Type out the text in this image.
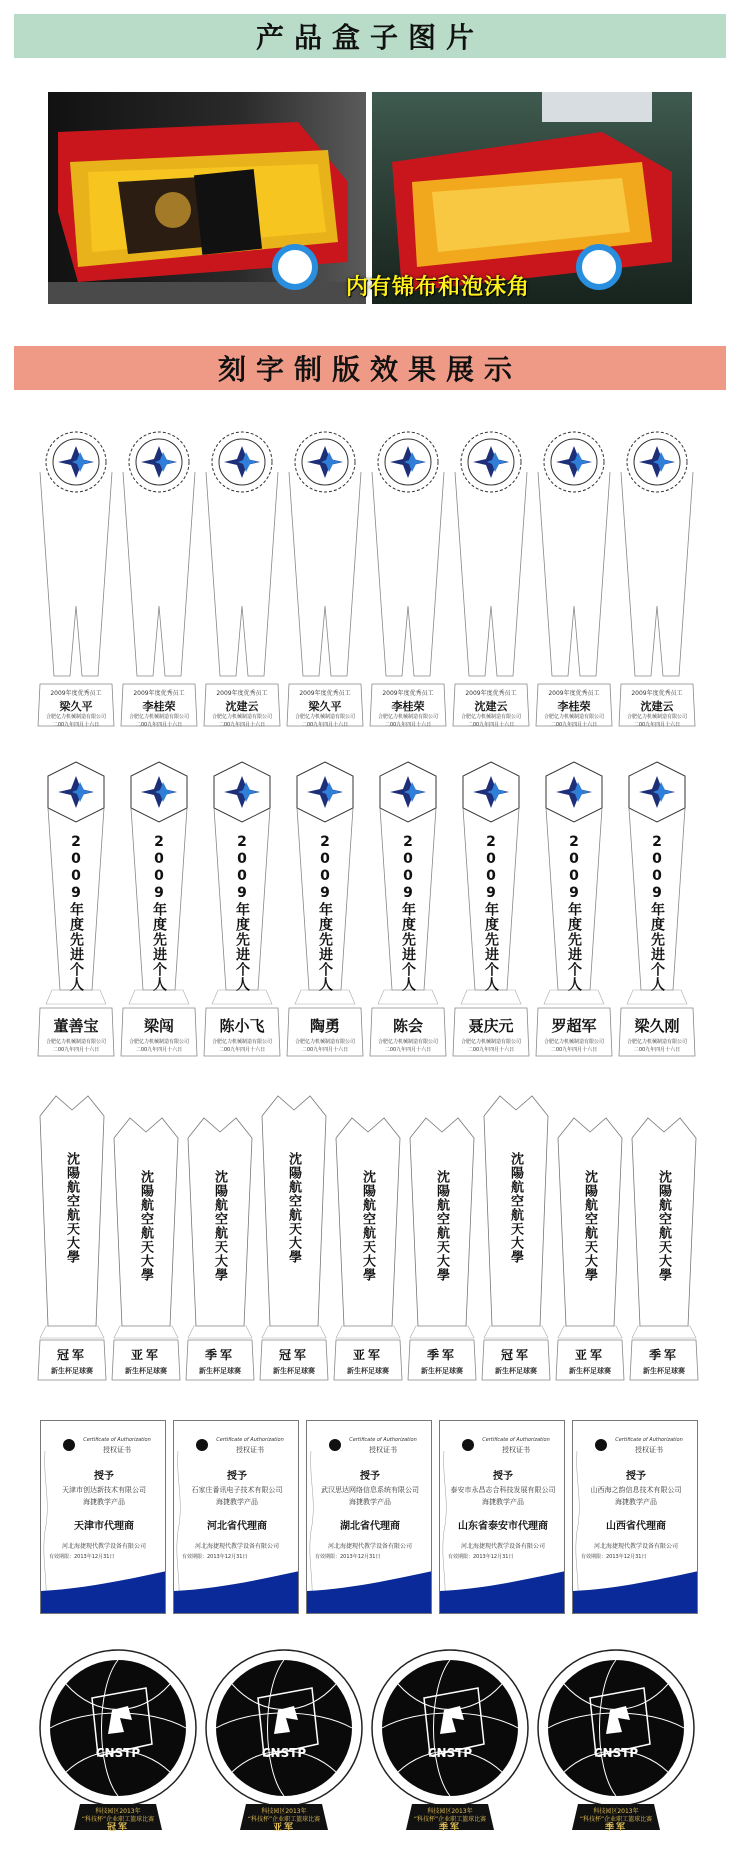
产品盒子图片
内有锦布和泡沫角
刻字制版效果展示
2009年度优秀员工
梁久平
合肥亿力机械制造有限公司
二00九年四月十六日
2009年度优秀员工
李桂荣
合肥亿力机械制造有限公司
二00九年四月十六日
2009年度优秀员工
沈建云
合肥亿力机械制造有限公司
二00九年四月十六日
2009年度优秀员工
梁久平
合肥亿力机械制造有限公司
二00九年四月十六日
2009年度优秀员工
李桂荣
合肥亿力机械制造有限公司
二00九年四月十六日
2009年度优秀员工
沈建云
合肥亿力机械制造有限公司
二00九年四月十六日
2009年度优秀员工
李桂荣
合肥亿力机械制造有限公司
二00九年四月十六日
2009年度优秀员工
沈建云
合肥亿力机械制造有限公司
二00九年四月十六日
2009年度先进个人
董善宝
合肥亿力机械制造有限公司
二00九年四月十六日
2009年度先进个人
梁闯
合肥亿力机械制造有限公司
二00九年四月十六日
2009年度先进个人
陈小飞
合肥亿力机械制造有限公司
二00九年四月十六日
2009年度先进个人
陶勇
合肥亿力机械制造有限公司
二00九年四月十六日
2009年度先进个人
陈会
合肥亿力机械制造有限公司
二00九年四月十六日
2009年度先进个人
聂庆元
合肥亿力机械制造有限公司
二00九年四月十六日
2009年度先进个人
罗超军
合肥亿力机械制造有限公司
二00九年四月十六日
2009年度先进个人
梁久刚
合肥亿力机械制造有限公司
二00九年四月十六日
沈陽航空航天大學
冠军
新生杯足球赛
沈陽航空航天大學
亚军
新生杯足球赛
沈陽航空航天大學
季军
新生杯足球赛
沈陽航空航天大學
冠军
新生杯足球赛
沈陽航空航天大學
亚军
新生杯足球赛
沈陽航空航天大學
季军
新生杯足球赛
沈陽航空航天大學
冠军
新生杯足球赛
沈陽航空航天大學
亚军
新生杯足球赛
沈陽航空航天大學
季军
新生杯足球赛
Certificate of Authorization
授权证书
授予
天津市创达新技术有限公司
海捷教学产品
天津市代理商
河北海捷现代教学设备有限公司
有效期限：2013年12月31日
Certificate of Authorization
授权证书
授予
石家庄番讯电子技术有限公司
海捷教学产品
河北省代理商
河北海捷现代教学设备有限公司
有效期限：2013年12月31日
Certificate of Authorization
授权证书
授予
武汉思达网络信息系统有限公司
海捷教学产品
湖北省代理商
河北海捷现代教学设备有限公司
有效期限：2013年12月31日
Certificate of Authorization
授权证书
授予
泰安市永昌志合科技发展有限公司
海捷教学产品
山东省泰安市代理商
河北海捷现代教学设备有限公司
有效期限：2013年12月31日
Certificate of Authorization
授权证书
授予
山西海之韵信息技术有限公司
海捷教学产品
山西省代理商
河北海捷现代教学设备有限公司
有效期限：2013年12月31日
CNSTP
科技园区2013年
“科技杯”企业职工篮球比赛
冠军
CNSTP
科技园区2013年
“科技杯”企业职工篮球比赛
亚军
CNSTP
科技园区2013年
“科技杯”企业职工篮球比赛
季军
CNSTP
科技园区2013年
“科技杯”企业职工篮球比赛
季军
